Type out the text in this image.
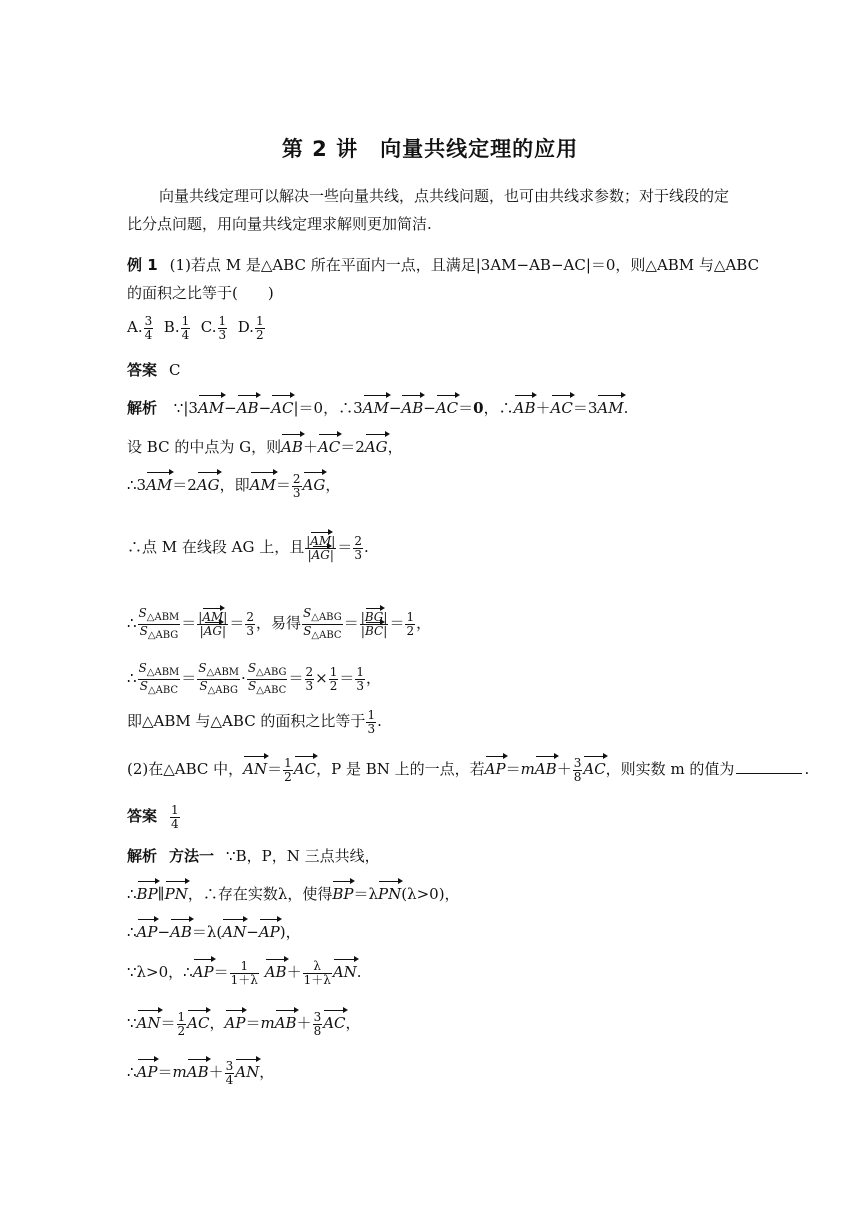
第 2 讲　向量共线定理的应用
向量共线定理可以解决一些向量共线，点共线问题，也可由共线求参数；对于线段的定
比分点问题，用向量共线定理求解则更加简洁.
例 1 (1)若点 M 是△ABC 所在平面内一点，且满足|3AM−AB−AC|＝0，则△ABM 与△ABC
的面积之比等于(　　)
A. $\frac{3}{4} B$. $\frac{1}{4} C$. $\frac{1}{3} D$. $\frac{1}{2}$
答案 C
解析 ∵|3AM−AB−AC|＝0，∴3AM−AB−AC＝0，∴AB＋AC＝3AM.
设 BC 的中点为 G，则AB＋AC＝2AG，
∴3AM＝2AG，即$AM= \frac{2}{3}$ AG，
∴点 M 在线段 AG 上，且 $\frac{|AM|}{|AG|} = \frac{2}{3}$ .
∴ $\frac{S_{\triangle ABM}}{S_{\triangle ABG}} = \frac{|AM|}{|AG|} = \frac{2}{3}$ ，易得 $\frac{S_{\triangle ABG}}{S_{\triangle ABC}} = \frac{|BG|}{|BC|} = \frac{1}{2}$ ，
∴ $\frac{S_{\triangle ABM}}{S_{\triangle ABC}} = \frac{S_{\triangle ABM}}{S_{\triangle ABG}} \cdot \frac{S_{\triangle ABG}}{S_{\triangle ABC}} = \frac{2}{3} \times \frac{1}{2} = \frac{1}{3}$ ，
即△ABM 与△ABC 的面积之比等于 $\frac{1}{3}$ .
(2)在△ABC 中，$AN= \frac{1}{2}$ AC，P 是 BN 上的一点，若$AP=mAB+ \frac{3}{8}$ AC，则实数 m 的值为	.
答案 $\frac{1}{4}$
解析 方法一 ∵B，P，N 三点共线，
∴BP∥PN，∴存在实数λ，使得BP＝λPN(λ>0)，
∴AP−AB＝λ(AN−AP)，
∵λ>0，∴AP＝ $\frac{1}{1+\lambda} AB+ \frac{\lambda}{1+\lambda}$ AN.
∵AN＝ $\frac{1}{2}$ AC，$AP=mAB+ \frac{3}{8}$ AC，
∴AP＝mAB＋ $\frac{3}{4}$ AN，
